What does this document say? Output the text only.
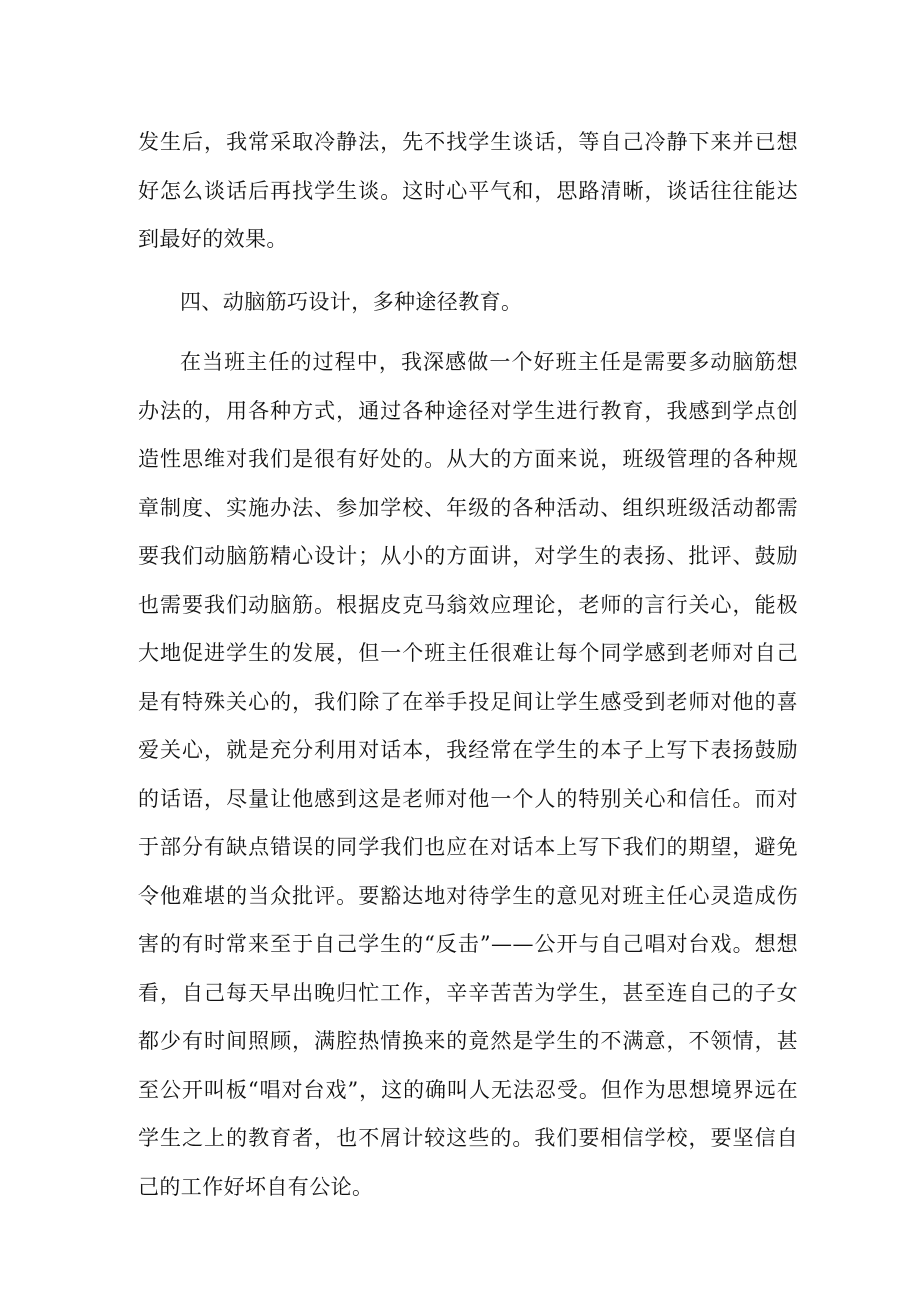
发生后，我常采取冷静法，先不找学生谈话，等自己冷静下来并已想好怎么谈话后再找学生谈。这时心平气和，思路清晰，谈话往往能达到最好的效果。

四、动脑筋巧设计，多种途径教育。

在当班主任的过程中，我深感做一个好班主任是需要多动脑筋想办法的，用各种方式，通过各种途径对学生进行教育，我感到学点创造性思维对我们是很有好处的。从大的方面来说，班级管理的各种规章制度、实施办法、参加学校、年级的各种活动、组织班级活动都需要我们动脑筋精心设计；从小的方面讲，对学生的表扬、批评、鼓励也需要我们动脑筋。根据皮克马翁效应理论，老师的言行关心，能极大地促进学生的发展，但一个班主任很难让每个同学感到老师对自己是有特殊关心的，我们除了在举手投足间让学生感受到老师对他的喜爱关心，就是充分利用对话本，我经常在学生的本子上写下表扬鼓励的话语，尽量让他感到这是老师对他一个人的特别关心和信任。而对于部分有缺点错误的同学我们也应在对话本上写下我们的期望，避免令他难堪的当众批评。要豁达地对待学生的意见对班主任心灵造成伤害的有时常来至于自己学生的“反击”——公开与自己唱对台戏。想想看，自己每天早出晚归忙工作，辛辛苦苦为学生，甚至连自己的子女都少有时间照顾，满腔热情换来的竟然是学生的不满意，不领情，甚至公开叫板“唱对台戏”，这的确叫人无法忍受。但作为思想境界远在学生之上的教育者，也不屑计较这些的。我们要相信学校，要坚信自己的工作好坏自有公论。
